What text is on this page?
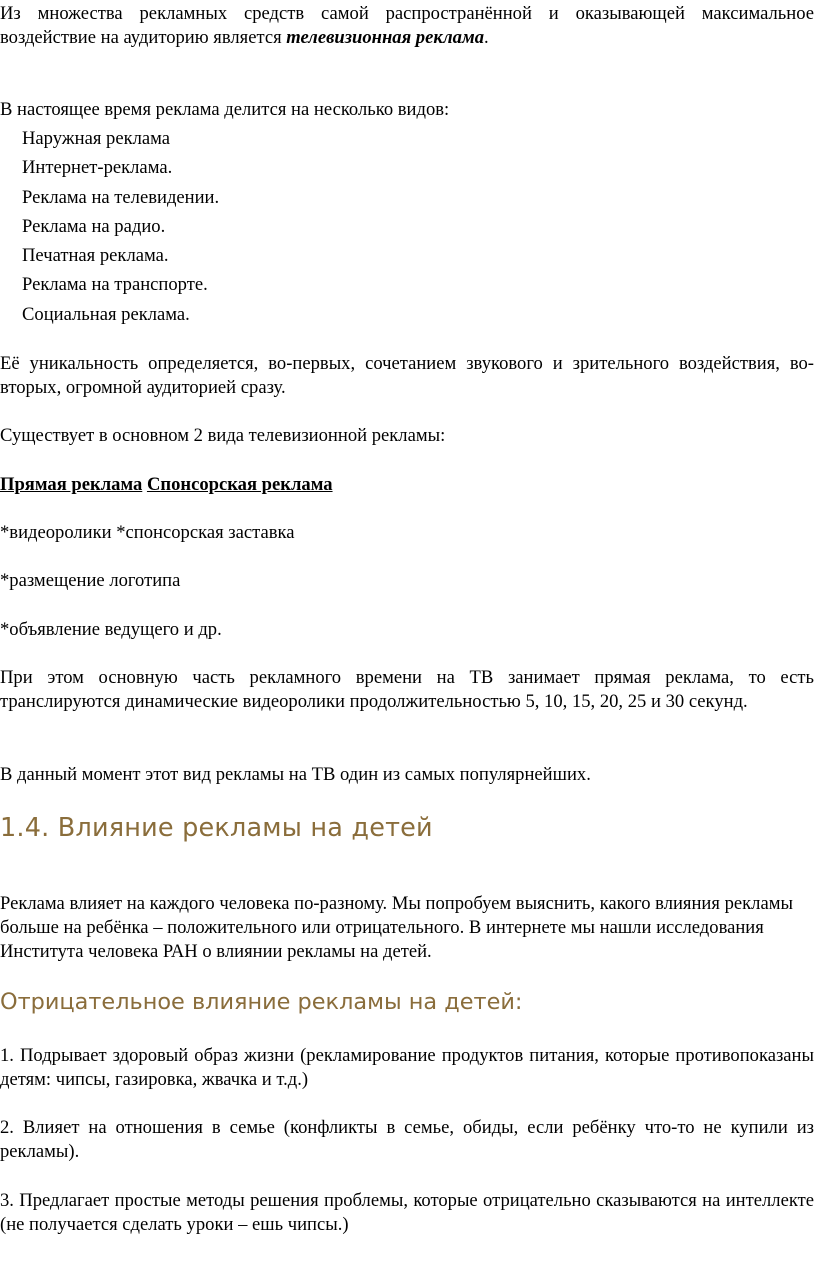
Из множества рекламных средств самой распространённой и оказывающей максимальное воздействие на аудиторию является телевизионная реклама.

В настоящее время реклама делится на несколько видов:

Наружная реклама
Интернет-реклама.
Реклама на телевидении.
Реклама на радио.
Печатная реклама.
Реклама на транспорте.
Социальная реклама.

Её уникальность определяется, во-первых, сочетанием звукового и зрительного воздействия, во-вторых, огромной аудиторией сразу.

Существует в основном 2 вида телевизионной рекламы:

Прямая реклама Спонсорская реклама

*видеоролики *спонсорская заставка

*размещение логотипа

*объявление ведущего и др.

При этом основную часть рекламного времени на ТВ занимает прямая реклама, то есть транслируются динамические видеоролики продолжительностью 5, 10, 15, 20, 25 и 30 секунд.

В данный момент этот вид рекламы на ТВ один из самых популярнейших.

1.4. Влияние рекламы на детей

Реклама влияет на каждого человека по-разному. Мы попробуем выяснить, какого влияния рекламы больше на ребёнка – положительного или отрицательного. В интернете мы нашли исследования Института человека РАН о влиянии рекламы на детей.

Отрицательное влияние рекламы на детей:

1. Подрывает здоровый образ жизни (рекламирование продуктов питания, которые противопоказаны детям: чипсы, газировка, жвачка и т.д.)

2. Влияет на отношения в семье (конфликты в семье, обиды, если ребёнку что-то не купили из рекламы).

3. Предлагает простые методы решения проблемы, которые отрицательно сказываются на интеллекте (не получается сделать уроки – ешь чипсы.)
